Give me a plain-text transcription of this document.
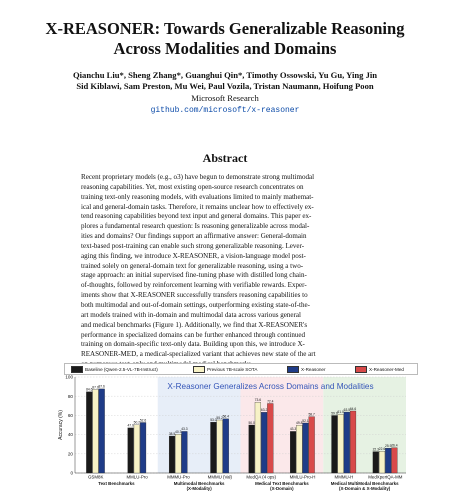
X-REASONER: Towards Generalizable Reasoning
Across Modalities and Domains
Qianchu Liu*, Sheng Zhang*, Guanghui Qin*, Timothy Ossowski, Yu Gu, Ying Jin
Sid Kiblawi, Sam Preston, Mu Wei, Paul Vozila, Tristan Naumann, Hoifung Poon
Microsoft Research
github.com/microsoft/x-reasoner
Abstract

Recent proprietary models (e.g., o3) have begun to demonstrate strong multimodal

reasoning capabilities. Yet, most existing open-source research concentrates on

training text-only reasoning models, with evaluations limited to mainly mathemat-

ical and general-domain tasks. Therefore, it remains unclear how to effectively ex-

tend reasoning capabilities beyond text input and general domains. This paper ex-

plores a fundamental research question: Is reasoning generalizable across modal-

ities and domains? Our findings support an affirmative answer: General-domain

text-based post-training can enable such strong generalizable reasoning. Lever-

aging this finding, we introduce X-REASONER, a vision-language model post-

trained solely on general-domain text for generalizable reasoning, using a two-

stage approach: an initial supervised fine-tuning phase with distilled long chain-

of-thoughts, followed by reinforcement learning with verifiable rewards. Exper-

iments show that X-REASONER successfully transfers reasoning capabilities to

both multimodal and out-of-domain settings, outperforming existing state-of-the-

art models trained with in-domain and multimodal data across various general

and medical benchmarks (Figure 1). Additionally, we find that X-REASONER's

performance in specialized domains can be further enhanced through continued

training on domain-specific text-only data. Building upon this, we introduce X-

REASONER-MED, a medical-specialized variant that achieves new state of the art

Baseline (Qwen-2.5-VL-7B-Instruct)	Previous 7B-scale SOTA	X-Reasoner	X-Reasoner-Med
0
20
40
60
80
100
Accuracy (%)
X-Reasoner Generalizes Across Domains and Modalities
84.6
87.0 87.6
GSM8K
47.0
50.2
52.6
MMLU-Pro
38.5 40.3
43.3
MMMU-Pro
53.0
55.2 56.4
MMMU (Val)
50.0
73.6
63.2
72.4
MedQA (4 ops)
43.3
49.8
52.1
58.7
MMLU-Pro-H
59.9 61.0
63.5 64.6
MMMU-H
22.3 22.6
25.9 26.4
MedXpertQA-MM
Text Benchmarks	Multimodal Benchmarks
(X-Modality)
Medical Text Benchmarks
(X-Domain)
Medical MultiModal Benchmarks
(X-Domain & X-Modality)
